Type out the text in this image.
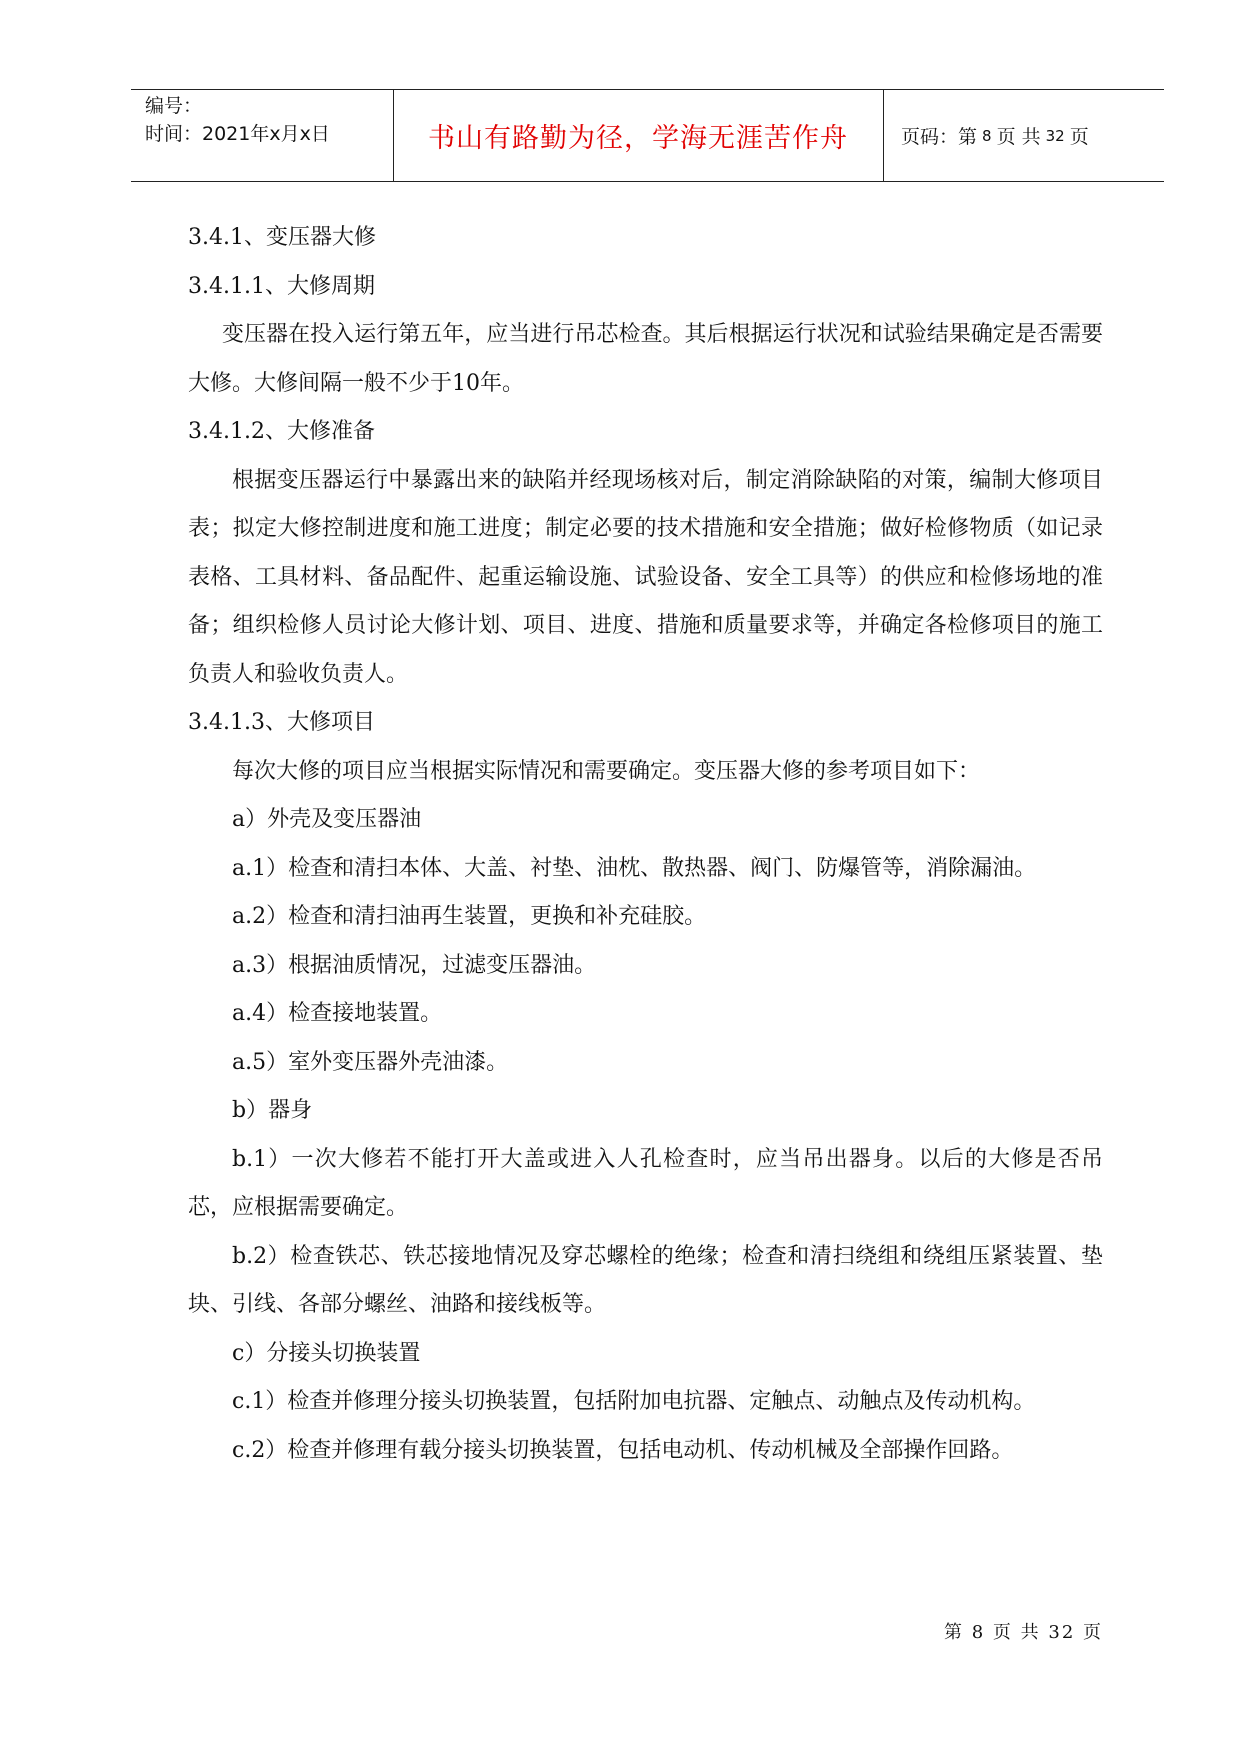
编号：
时间：2021年x月x日	书山有路勤为径，学海无涯苦作舟	页码：第 8 页 共 32 页

3.4.1、变压器大修

3.4.1.1、大修周期

变压器在投入运行第五年，应当进行吊芯检查。其后根据运行状况和试验结果确定是否需要大修。大修间隔一般不少于10年。

3.4.1.2、大修准备

根据变压器运行中暴露出来的缺陷并经现场核对后，制定消除缺陷的对策，编制大修项目表；拟定大修控制进度和施工进度；制定必要的技术措施和安全措施；做好检修物质（如记录表格、工具材料、备品配件、起重运输设施、试验设备、安全工具等）的供应和检修场地的准备；组织检修人员讨论大修计划、项目、进度、措施和质量要求等，并确定各检修项目的施工负责人和验收负责人。

3.4.1.3、大修项目

每次大修的项目应当根据实际情况和需要确定。变压器大修的参考项目如下：

a）外壳及变压器油

a.1）检查和清扫本体、大盖、衬垫、油枕、散热器、阀门、防爆管等，消除漏油。

a.2）检查和清扫油再生装置，更换和补充硅胶。

a.3）根据油质情况，过滤变压器油。

a.4）检查接地装置。

a.5）室外变压器外壳油漆。

b）器身

b.1）一次大修若不能打开大盖或进入人孔检查时，应当吊出器身。以后的大修是否吊芯，应根据需要确定。

b.2）检查铁芯、铁芯接地情况及穿芯螺栓的绝缘；检查和清扫绕组和绕组压紧装置、垫块、引线、各部分螺丝、油路和接线板等。

c）分接头切换装置

c.1）检查并修理分接头切换装置，包括附加电抗器、定触点、动触点及传动机构。

c.2）检查并修理有载分接头切换装置，包括电动机、传动机械及全部操作回路。

第 8 页 共 32 页
